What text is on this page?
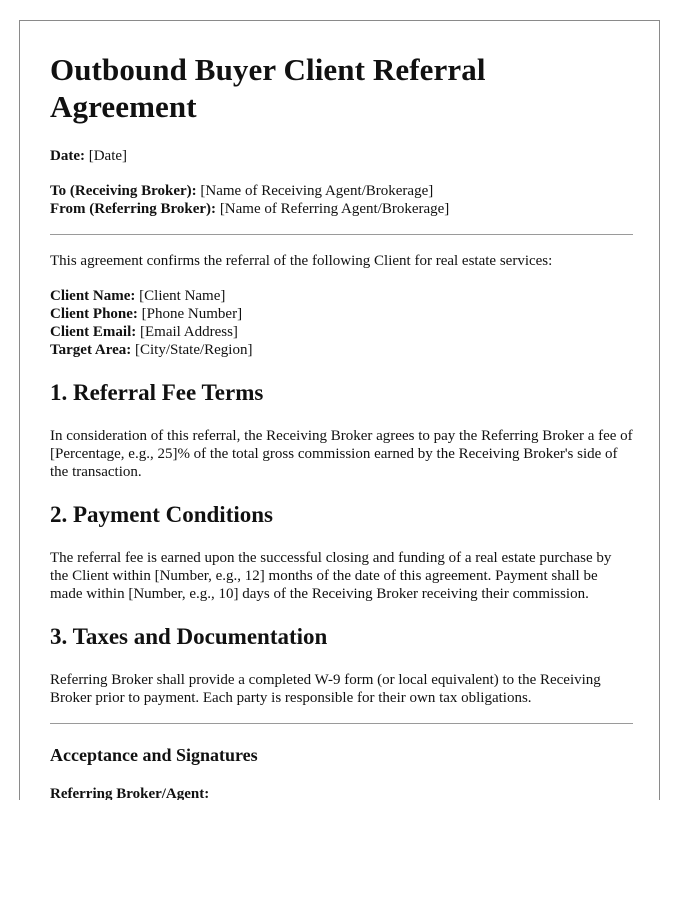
Outbound Buyer Client Referral Agreement

Date: [Date]

To (Receiving Broker): [Name of Receiving Agent/Brokerage]

From (Referring Broker): [Name of Referring Agent/Brokerage]

This agreement confirms the referral of the following Client for real estate services:

Client Name: [Client Name]

Client Phone: [Phone Number]

Client Email: [Email Address]

Target Area: [City/State/Region]

1. Referral Fee Terms

In consideration of this referral, the Receiving Broker agrees to pay the Referring Broker a fee of [Percentage, e.g., 25]% of the total gross commission earned by the Receiving Broker's side of the transaction.

2. Payment Conditions

The referral fee is earned upon the successful closing and funding of a real estate purchase by the Client within [Number, e.g., 12] months of the date of this agreement. Payment shall be made within [Number, e.g., 10] days of the Receiving Broker receiving their commission.

3. Taxes and Documentation

Referring Broker shall provide a completed W-9 form (or local equivalent) to the Receiving Broker prior to payment. Each party is responsible for their own tax obligations.

Acceptance and Signatures

Referring Broker/Agent:
